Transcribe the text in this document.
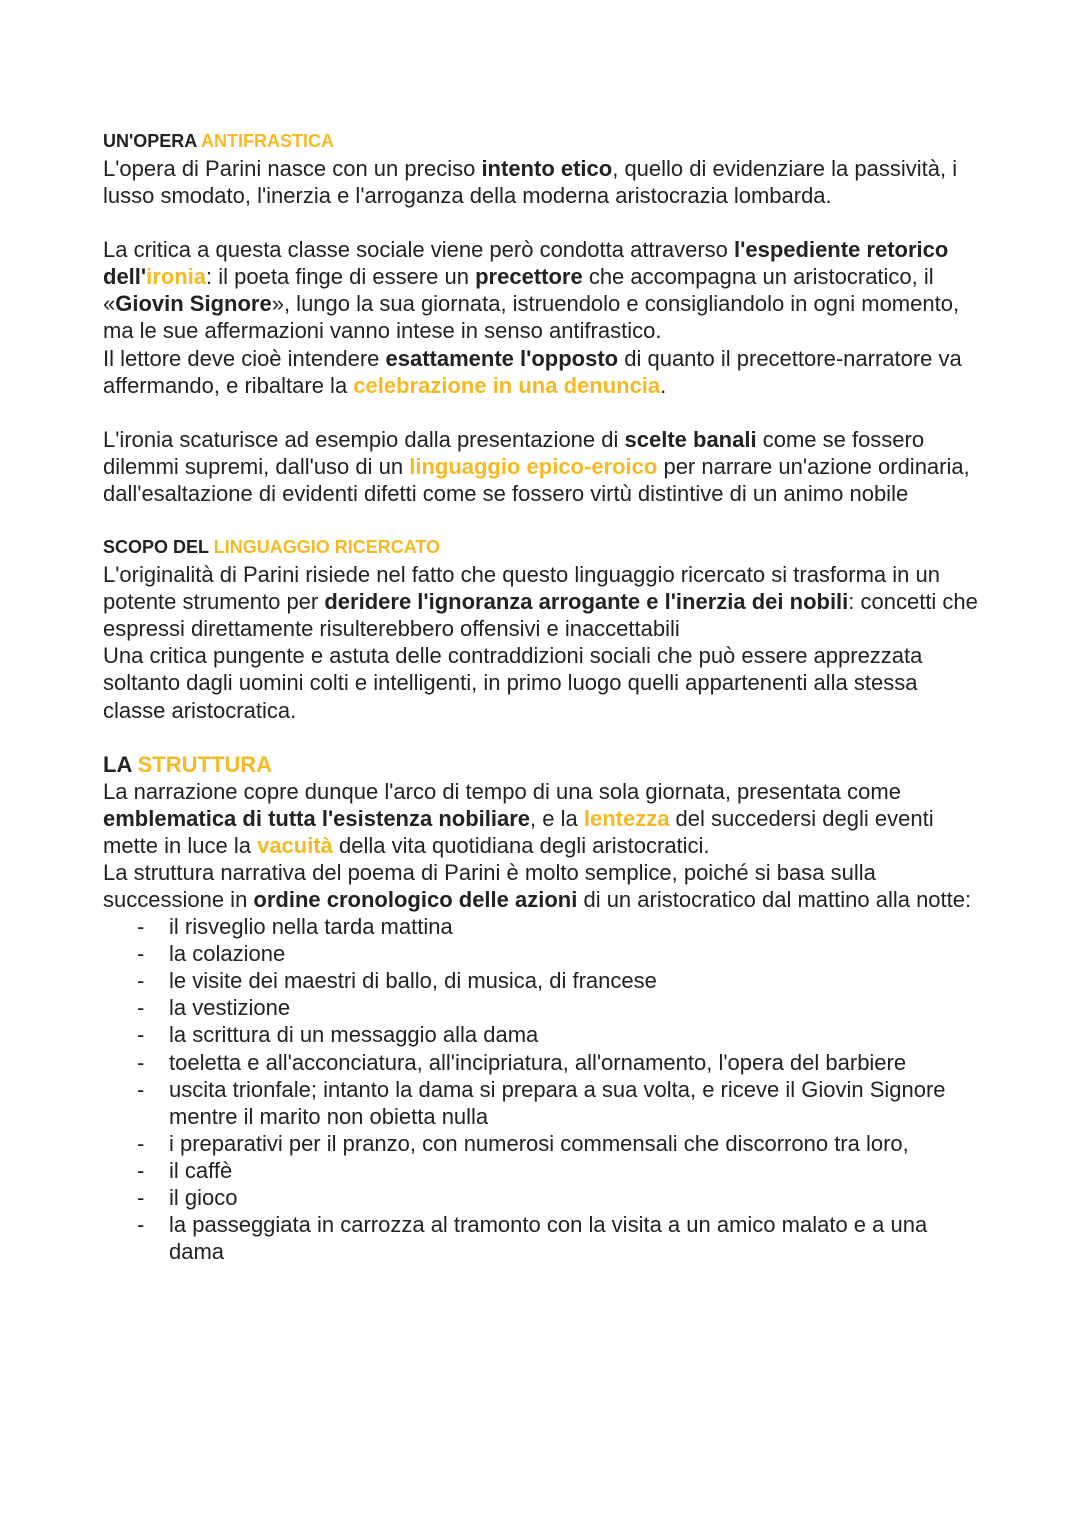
UN'OPERA ANTIFRASTICA

L'opera di Parini nasce con un preciso intento etico, quello di evidenziare la passività, i lusso smodato, l'inerzia e l'arroganza della moderna aristocrazia lombarda.

La critica a questa classe sociale viene però condotta attraverso l'espediente retorico dell'ironia: il poeta finge di essere un precettore che accompagna un aristocratico, il «Giovin Signore», lungo la sua giornata, istruendolo e consigliandolo in ogni momento, ma le sue affermazioni vanno intese in senso antifrastico.

Il lettore deve cioè intendere esattamente l'opposto di quanto il precettore-narratore va affermando, e ribaltare la celebrazione in una denuncia.

L'ironia scaturisce ad esempio dalla presentazione di scelte banali come se fossero dilemmi supremi, dall'uso di un linguaggio epico-eroico per narrare un'azione ordinaria, dall'esaltazione di evidenti difetti come se fossero virtù distintive di un animo nobile

SCOPO DEL LINGUAGGIO RICERCATO

L'originalità di Parini risiede nel fatto che questo linguaggio ricercato si trasforma in un
potente strumento per deridere l'ignoranza arrogante e l'inerzia dei nobili: concetti che espressi direttamente risulterebbero offensivi e inaccettabili

Una critica pungente e astuta delle contraddizioni sociali che può essere apprezzata soltanto dagli uomini colti e intelligenti, in primo luogo quelli appartenenti alla stessa classe aristocratica.

LA STRUTTURA

La narrazione copre dunque l'arco di tempo di una sola giornata, presentata come emblematica di tutta l'esistenza nobiliare, e la lentezza del succedersi degli eventi mette in luce la vacuità della vita quotidiana degli aristocratici.

La struttura narrativa del poema di Parini è molto semplice, poiché si basa sulla successione in ordine cronologico delle azioni di un aristocratico dal mattino alla notte:

- il risveglio nella tarda mattina
- la colazione
- le visite dei maestri di ballo, di musica, di francese
- la vestizione
- la scrittura di un messaggio alla dama
- toeletta e all'acconciatura, all'incipriatura, all'ornamento, l'opera del barbiere
- uscita trionfale; intanto la dama si prepara a sua volta, e riceve il Giovin Signore mentre il marito non obietta nulla
- i preparativi per il pranzo, con numerosi commensali che discorrono tra loro,
- il caffè
- il gioco
- la passeggiata in carrozza al tramonto con la visita a un amico malato e a una dama
